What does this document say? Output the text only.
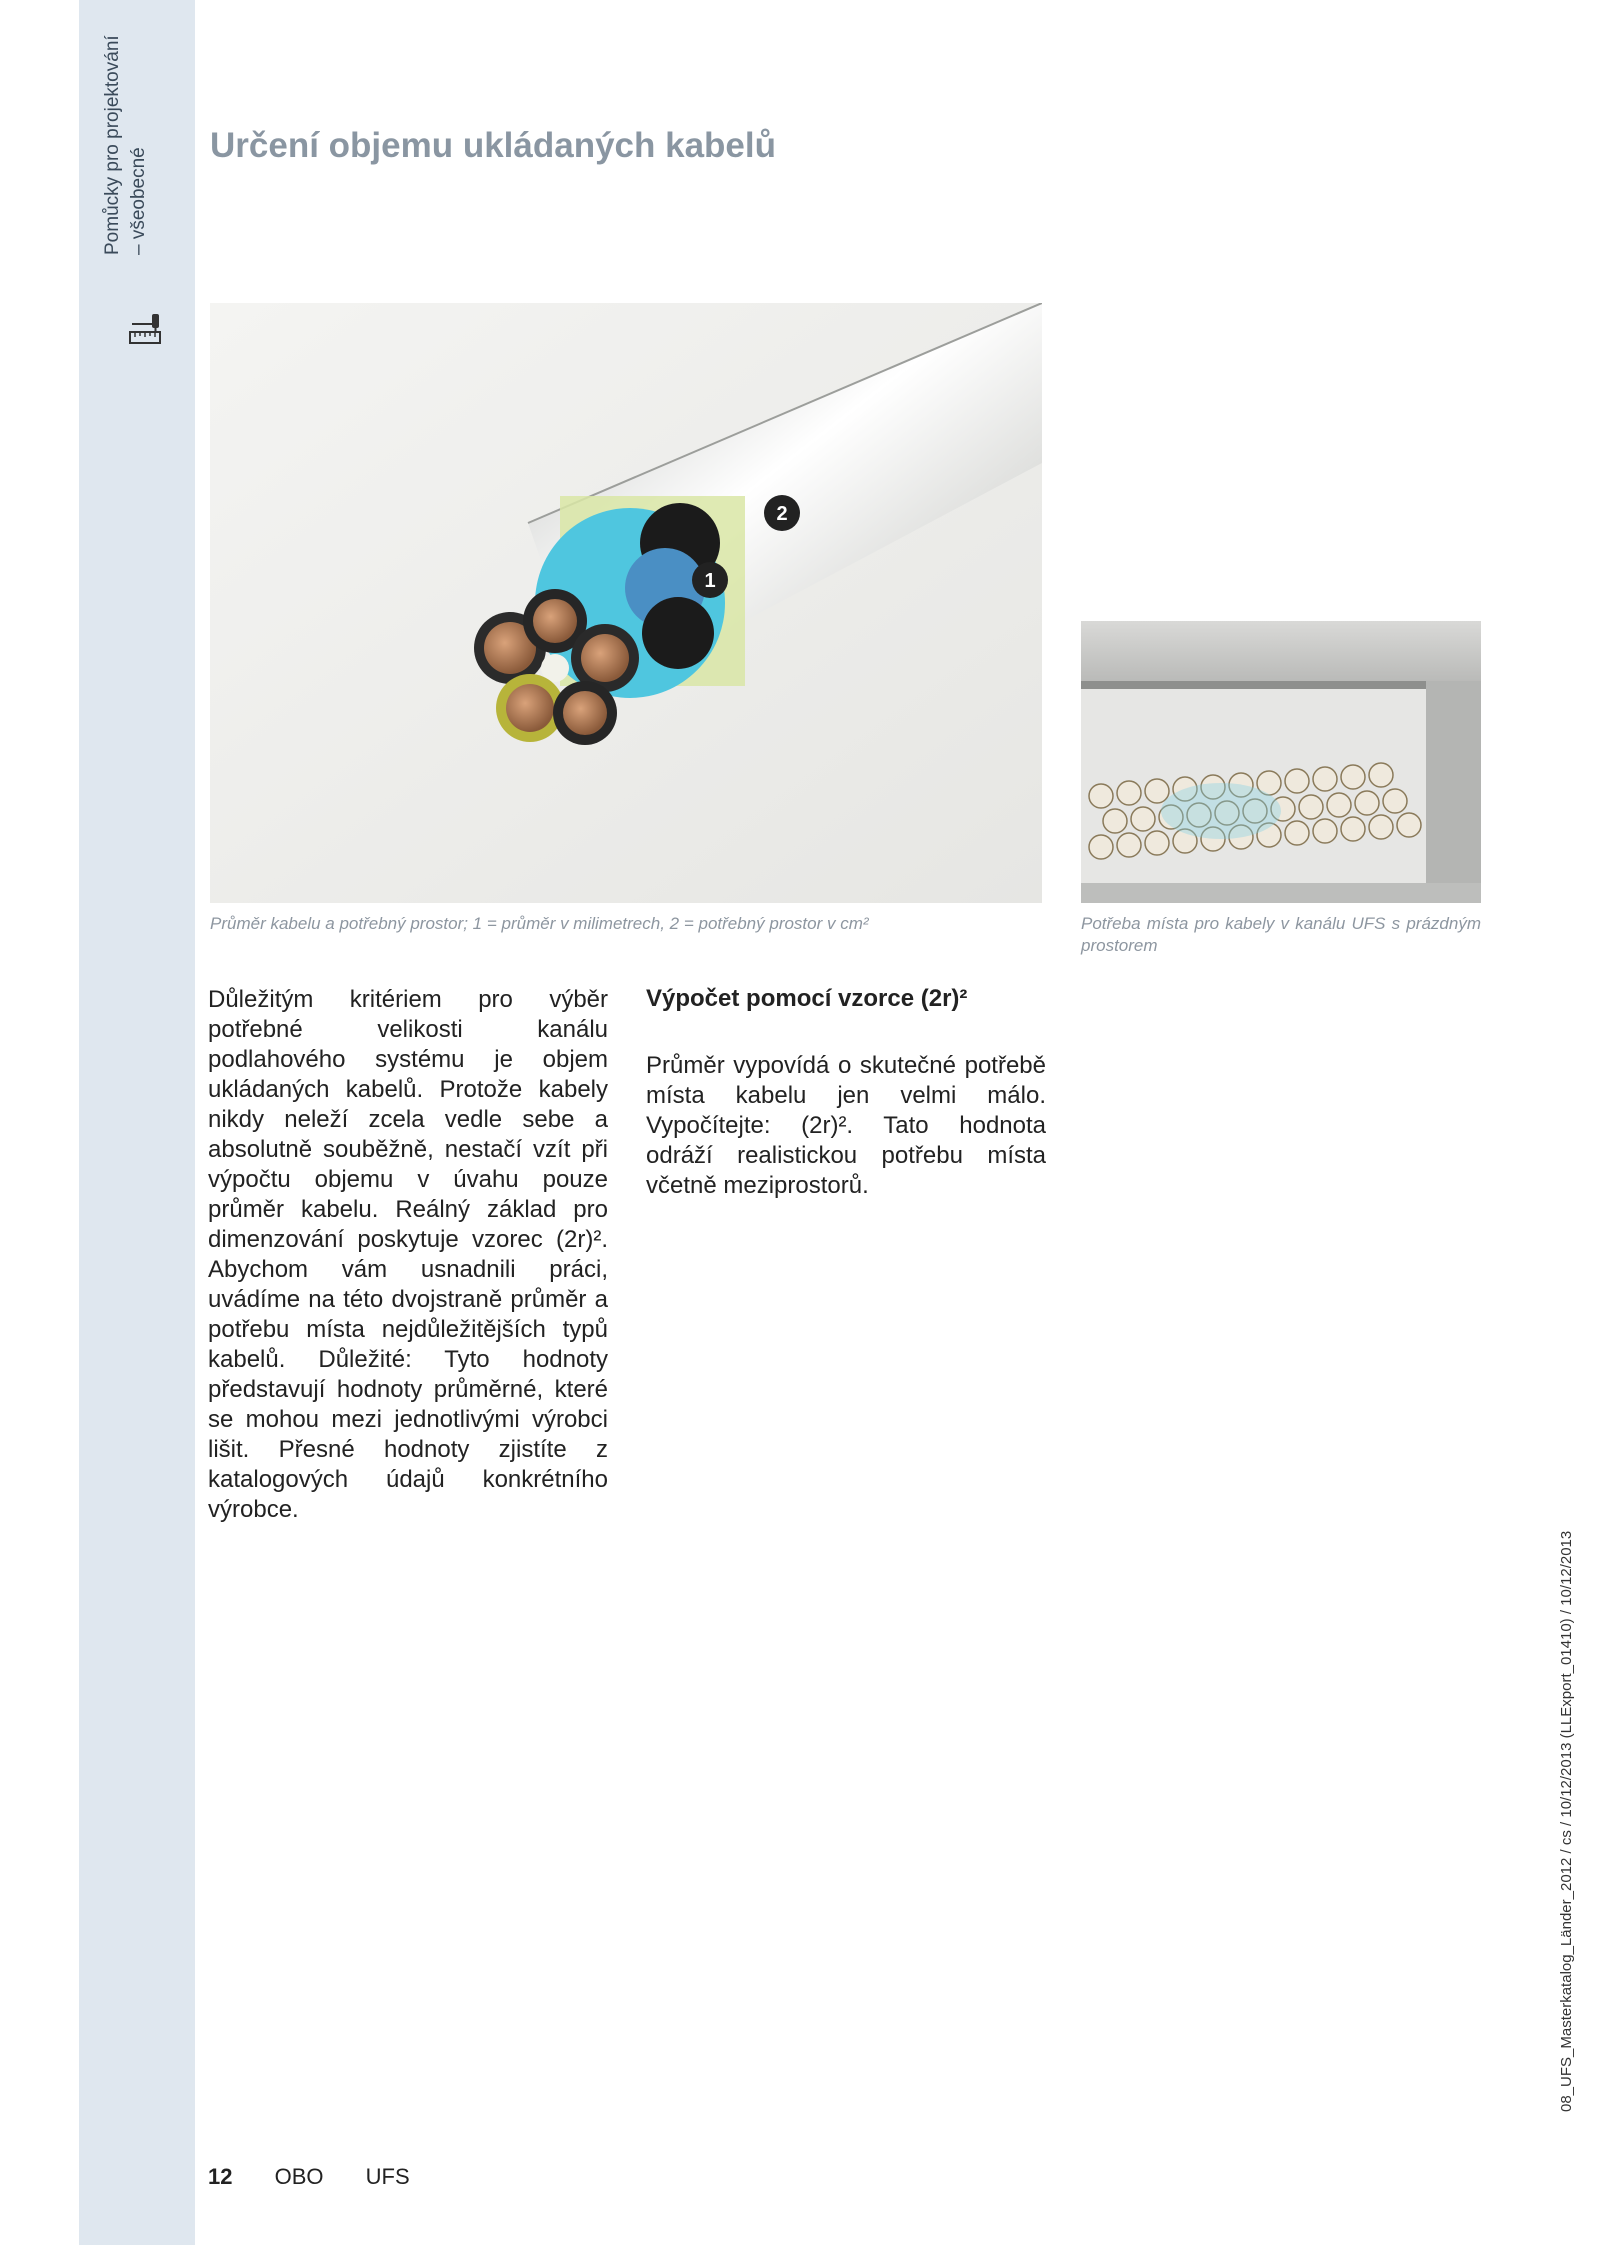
Pomůcky pro projektování – všeobecné
Určení objemu ukládaných kabelů
1
2
Průměr kabelu a potřebný prostor; 1 = průměr v milimetrech, 2 = potřebný prostor v cm²	Potřeba místa pro kabely v kanálu UFS s prázdným prostorem
Důležitým kritériem pro výběr potřebné velikosti kanálu podlahového systému je objem ukládaných kabelů. Protože kabely nikdy neleží zcela vedle sebe a absolutně souběžně, nestačí vzít při výpočtu objemu v úvahu pouze průměr kabelu. Reálný základ pro dimenzování poskytuje vzorec (2r)². Abychom vám usnadnili práci, uvádíme na této dvojstraně průměr a potřebu místa nejdůležitějších typů kabelů. Důležité: Tyto hodnoty představují hodnoty průměrné, které se mohou mezi jednotlivými výrobci lišit. Přesné hodnoty zjistíte z katalogových údajů konkrétního výrobce.
Výpočet pomocí vzorce (2r)²
Průměr vypovídá o skutečné potřebě místa kabelu jen velmi málo. Vypočítejte: (2r)². Tato hodnota odráží realistickou potřebu místa včetně meziprostorů.
12 OBO UFS
08_UFS_Masterkatalog_Länder_2012 / cs / 10/12/2013 (LLExport_01410) / 10/12/2013
